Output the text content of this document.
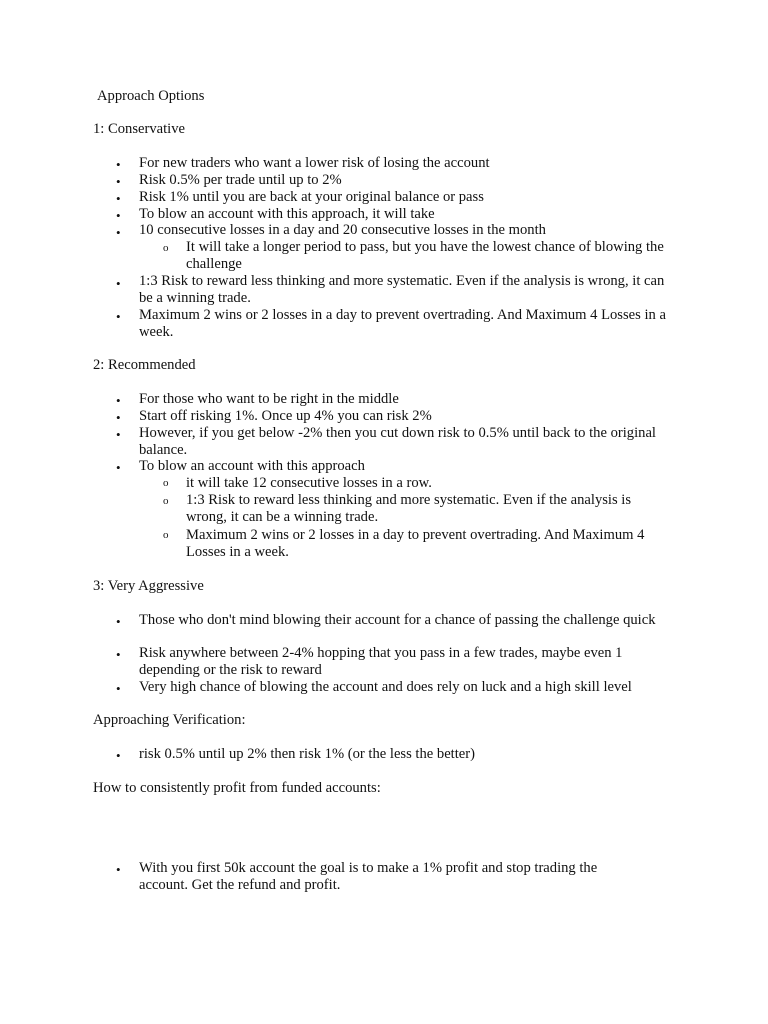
Approach Options
1: Conservative
• For new traders who want a lower risk of losing the account
• Risk 0.5% per trade until up to 2%
• Risk 1% until you are back at your original balance or pass
• To blow an account with this approach, it will take
• 10 consecutive losses in a day and 20 consecutive losses in the month
o It will take a longer period to pass, but you have the lowest chance of blowing the challenge
• 1:3 Risk to reward less thinking and more systematic. Even if the analysis is wrong, it can be a winning trade.
• Maximum 2 wins or 2 losses in a day to prevent overtrading. And Maximum 4 Losses in a week.
2: Recommended
• For those who want to be right in the middle
• Start off risking 1%. Once up 4% you can risk 2%
• However, if you get below -2% then you cut down risk to 0.5% until back to the original balance.
• To blow an account with this approach
o it will take 12 consecutive losses in a row.
o 1:3 Risk to reward less thinking and more systematic. Even if the analysis is wrong, it can be a winning trade.
o Maximum 2 wins or 2 losses in a day to prevent overtrading. And Maximum 4 Losses in a week.
3: Very Aggressive
• Those who don't mind blowing their account for a chance of passing the challenge quick
• Risk anywhere between 2-4% hopping that you pass in a few trades, maybe even 1 depending or the risk to reward
• Very high chance of blowing the account and does rely on luck and a high skill level
Approaching Verification:
• risk 0.5% until up 2% then risk 1% (or the less the better)
How to consistently profit from funded accounts:
• With you first 50k account the goal is to make a 1% profit and stop trading the account. Get the refund and profit.
